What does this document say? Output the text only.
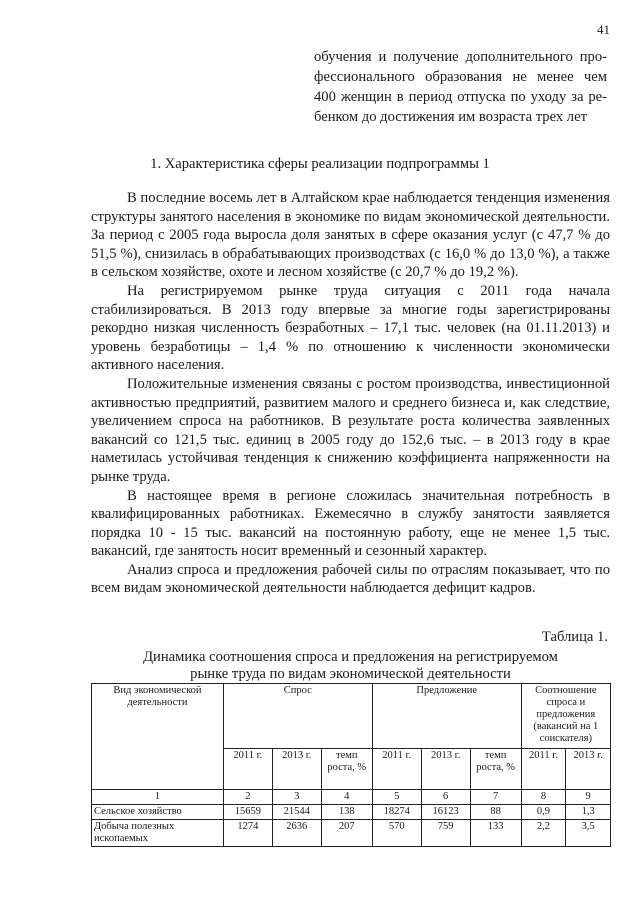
41
обучения и получение дополнительного про-
фессионального образования не менее чем
400 женщин в период отпуска по уходу за ре-
бенком до достижения им возраста трех лет
1. Характеристика сферы реализации подпрограммы 1

В последние восемь лет в Алтайском крае наблюдается тенденция изменения структуры занятого населения в экономике по видам экономической деятельности. За период с 2005 года выросла доля занятых в сфере оказания услуг (с 47,7 % до 51,5 %), снизилась в обрабатывающих производствах (с 16,0 % до 13,0 %), а также в сельском хозяйстве, охоте и лесном хозяйстве (с 20,7 % до 19,2 %).

На регистрируемом рынке труда ситуация с 2011 года начала стабилизироваться. В 2013 году впервые за многие годы зарегистрированы рекордно низкая численность безработных – 17,1 тыс. человек (на 01.11.2013) и уровень безработицы – 1,4 % по отношению к численности экономически активного населения.

Положительные изменения связаны с ростом производства, инвестиционной активностью предприятий, развитием малого и среднего бизнеса и, как следствие, увеличением спроса на работников. В результате роста количества заявленных вакансий со 121,5 тыс. единиц в 2005 году до 152,6 тыс. – в 2013 году в крае наметилась устойчивая тенденция к снижению коэффициента напряженности на рынке труда.

В настоящее время в регионе сложилась значительная потребность в квалифицированных работниках. Ежемесячно в службу занятости заявляется порядка 10 - 15 тыс. вакансий на постоянную работу, еще не менее 1,5 тыс. вакансий, где занятость носит временный и сезонный характер.

Анализ спроса и предложения рабочей силы по отраслям показывает, что по всем видам экономической деятельности наблюдается дефицит кадров.

Таблица 1.
Динамика соотношения спроса и предложения на регистрируемом
рынке труда по видам экономической деятельности
Вид экономической деятельности	Спрос			Предложение			Соотношение спроса и предложения (вакансий на 1 соискателя)	
	2011 г.	2013 г.	темп роста, %	2011 г.	2013 г.	темп роста, %	2011 г.	2013 г.
1	2	3	4	5	6	7	8	9
Сельское хозяйство	15659	21544	138	18274	16123	88	0,9	1,3
Добыча полезных ископаемых	1274	2636	207	570	759	133	2,2	3,5
